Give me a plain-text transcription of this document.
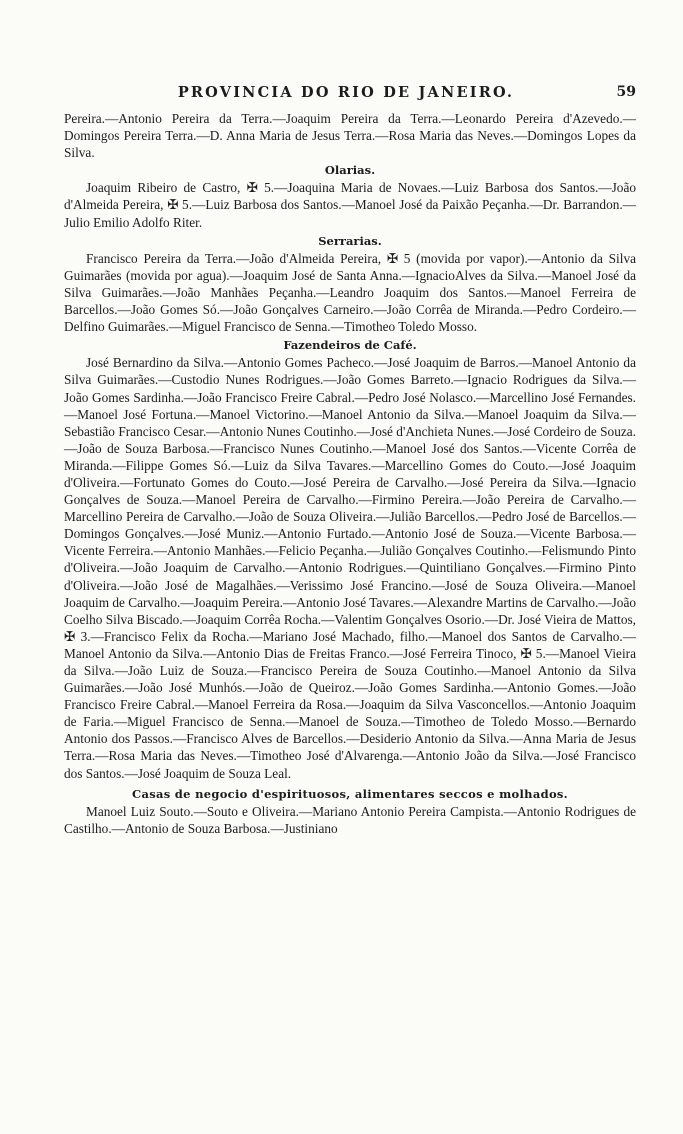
PROVINCIA DO RIO DE JANEIRO.	59

Pereira.—Antonio Pereira da Terra.—Joaquim Pereira da Terra.—Leonardo Pereira d'Azevedo.—Domingos Pereira Terra.—D. Anna Maria de Jesus Terra.—Rosa Maria das Neves.—Domingos Lopes da Silva.

Olarias.

Joaquim Ribeiro de Castro, ✠ 5.—Joaquina Maria de Novaes.—Luiz Barbosa dos Santos.—João d'Almeida Pereira, ✠ 5.—Luiz Barbosa dos Santos.—Manoel José da Paixão Peçanha.—Dr. Barrandon.—Julio Emilio Adolfo Riter.

Serrarias.

Francisco Pereira da Terra.—João d'Almeida Pereira, ✠ 5 (movida por vapor).—Antonio da Silva Guimarães (movida por agua).—Joaquim José de Santa Anna.—IgnacioAlves da Silva.—Manoel José da Silva Guimarães.—João Manhães Peçanha.—Leandro Joaquim dos Santos.—Manoel Ferreira de Barcellos.—João Gomes Só.—João Gonçalves Carneiro.—João Corrêa de Miranda.—Pedro Cordeiro.—Delfino Guimarães.—Miguel Francisco de Senna.—Timotheo Toledo Mosso.

Fazendeiros de Café.

José Bernardino da Silva.—Antonio Gomes Pacheco.—José Joaquim de Barros.—Manoel Antonio da Silva Guimarães.—Custodio Nunes Rodrigues.—João Gomes Barreto.—Ignacio Rodrigues da Silva.—João Gomes Sardinha.—João Francisco Freire Cabral.—Pedro José Nolasco.—Marcellino José Fernandes.—Manoel José Fortuna.—Manoel Victorino.—Manoel Antonio da Silva.—Manoel Joaquim da Silva.—Sebastião Francisco Cesar.—Antonio Nunes Coutinho.—José d'Anchieta Nunes.—José Cordeiro de Souza.—João de Souza Barbosa.—Francisco Nunes Coutinho.—Manoel José dos Santos.—Vicente Corrêa de Miranda.—Filippe Gomes Só.—Luiz da Silva Tavares.—Marcellino Gomes do Couto.—José Joaquim d'Oliveira.—Fortunato Gomes do Couto.—José Pereira de Carvalho.—José Pereira da Silva.—Ignacio Gonçalves de Souza.—Manoel Pereira de Carvalho.—Firmino Pereira.—João Pereira de Carvalho.—Marcellino Pereira de Carvalho.—João de Souza Oliveira.—Julião Barcellos.—Pedro José de Barcellos.—Domingos Gonçalves.—José Muniz.—Antonio Furtado.—Antonio José de Souza.—Vicente Barbosa.—Vicente Ferreira.—Antonio Manhães.—Felicio Peçanha.—Julião Gonçalves Coutinho.—Felismundo Pinto d'Oliveira.—João Joaquim de Carvalho.—Antonio Rodrigues.—Quintiliano Gonçalves.—Firmino Pinto d'Oliveira.—João José de Magalhães.—Verissimo José Francino.—José de Souza Oliveira.—Manoel Joaquim de Carvalho.—Joaquim Pereira.—Antonio José Tavares.—Alexandre Martins de Carvalho.—João Coelho Silva Biscado.—Joaquim Corrêa Rocha.—Valentim Gonçalves Osorio.—Dr. José Vieira de Mattos, ✠ 3.—Francisco Felix da Rocha.—Mariano José Machado, filho.—Manoel dos Santos de Carvalho.—Manoel Antonio da Silva.—Antonio Dias de Freitas Franco.—José Ferreira Tinoco, ✠ 5.—Manoel Vieira da Silva.—João Luiz de Souza.—Francisco Pereira de Souza Coutinho.—Manoel Antonio da Silva Guimarães.—João José Munhós.—João de Queiroz.—João Gomes Sardinha.—Antonio Gomes.—João Francisco Freire Cabral.—Manoel Ferreira da Rosa.—Joaquim da Silva Vasconcellos.—Antonio Joaquim de Faria.—Miguel Francisco de Senna.—Manoel de Souza.—Timotheo de Toledo Mosso.—Bernardo Antonio dos Passos.—Francisco Alves de Barcellos.—Desiderio Antonio da Silva.—Anna Maria de Jesus Terra.—Rosa Maria das Neves.—Timotheo José d'Alvarenga.—Antonio João da Silva.—José Francisco dos Santos.—José Joaquim de Souza Leal.

Casas de negocio d'espirituosos, alimentares seccos e molhados.

Manoel Luiz Souto.—Souto e Oliveira.—Mariano Antonio Pereira Campista.—Antonio Rodrigues de Castilho.—Antonio de Souza Barbosa.—Justiniano
